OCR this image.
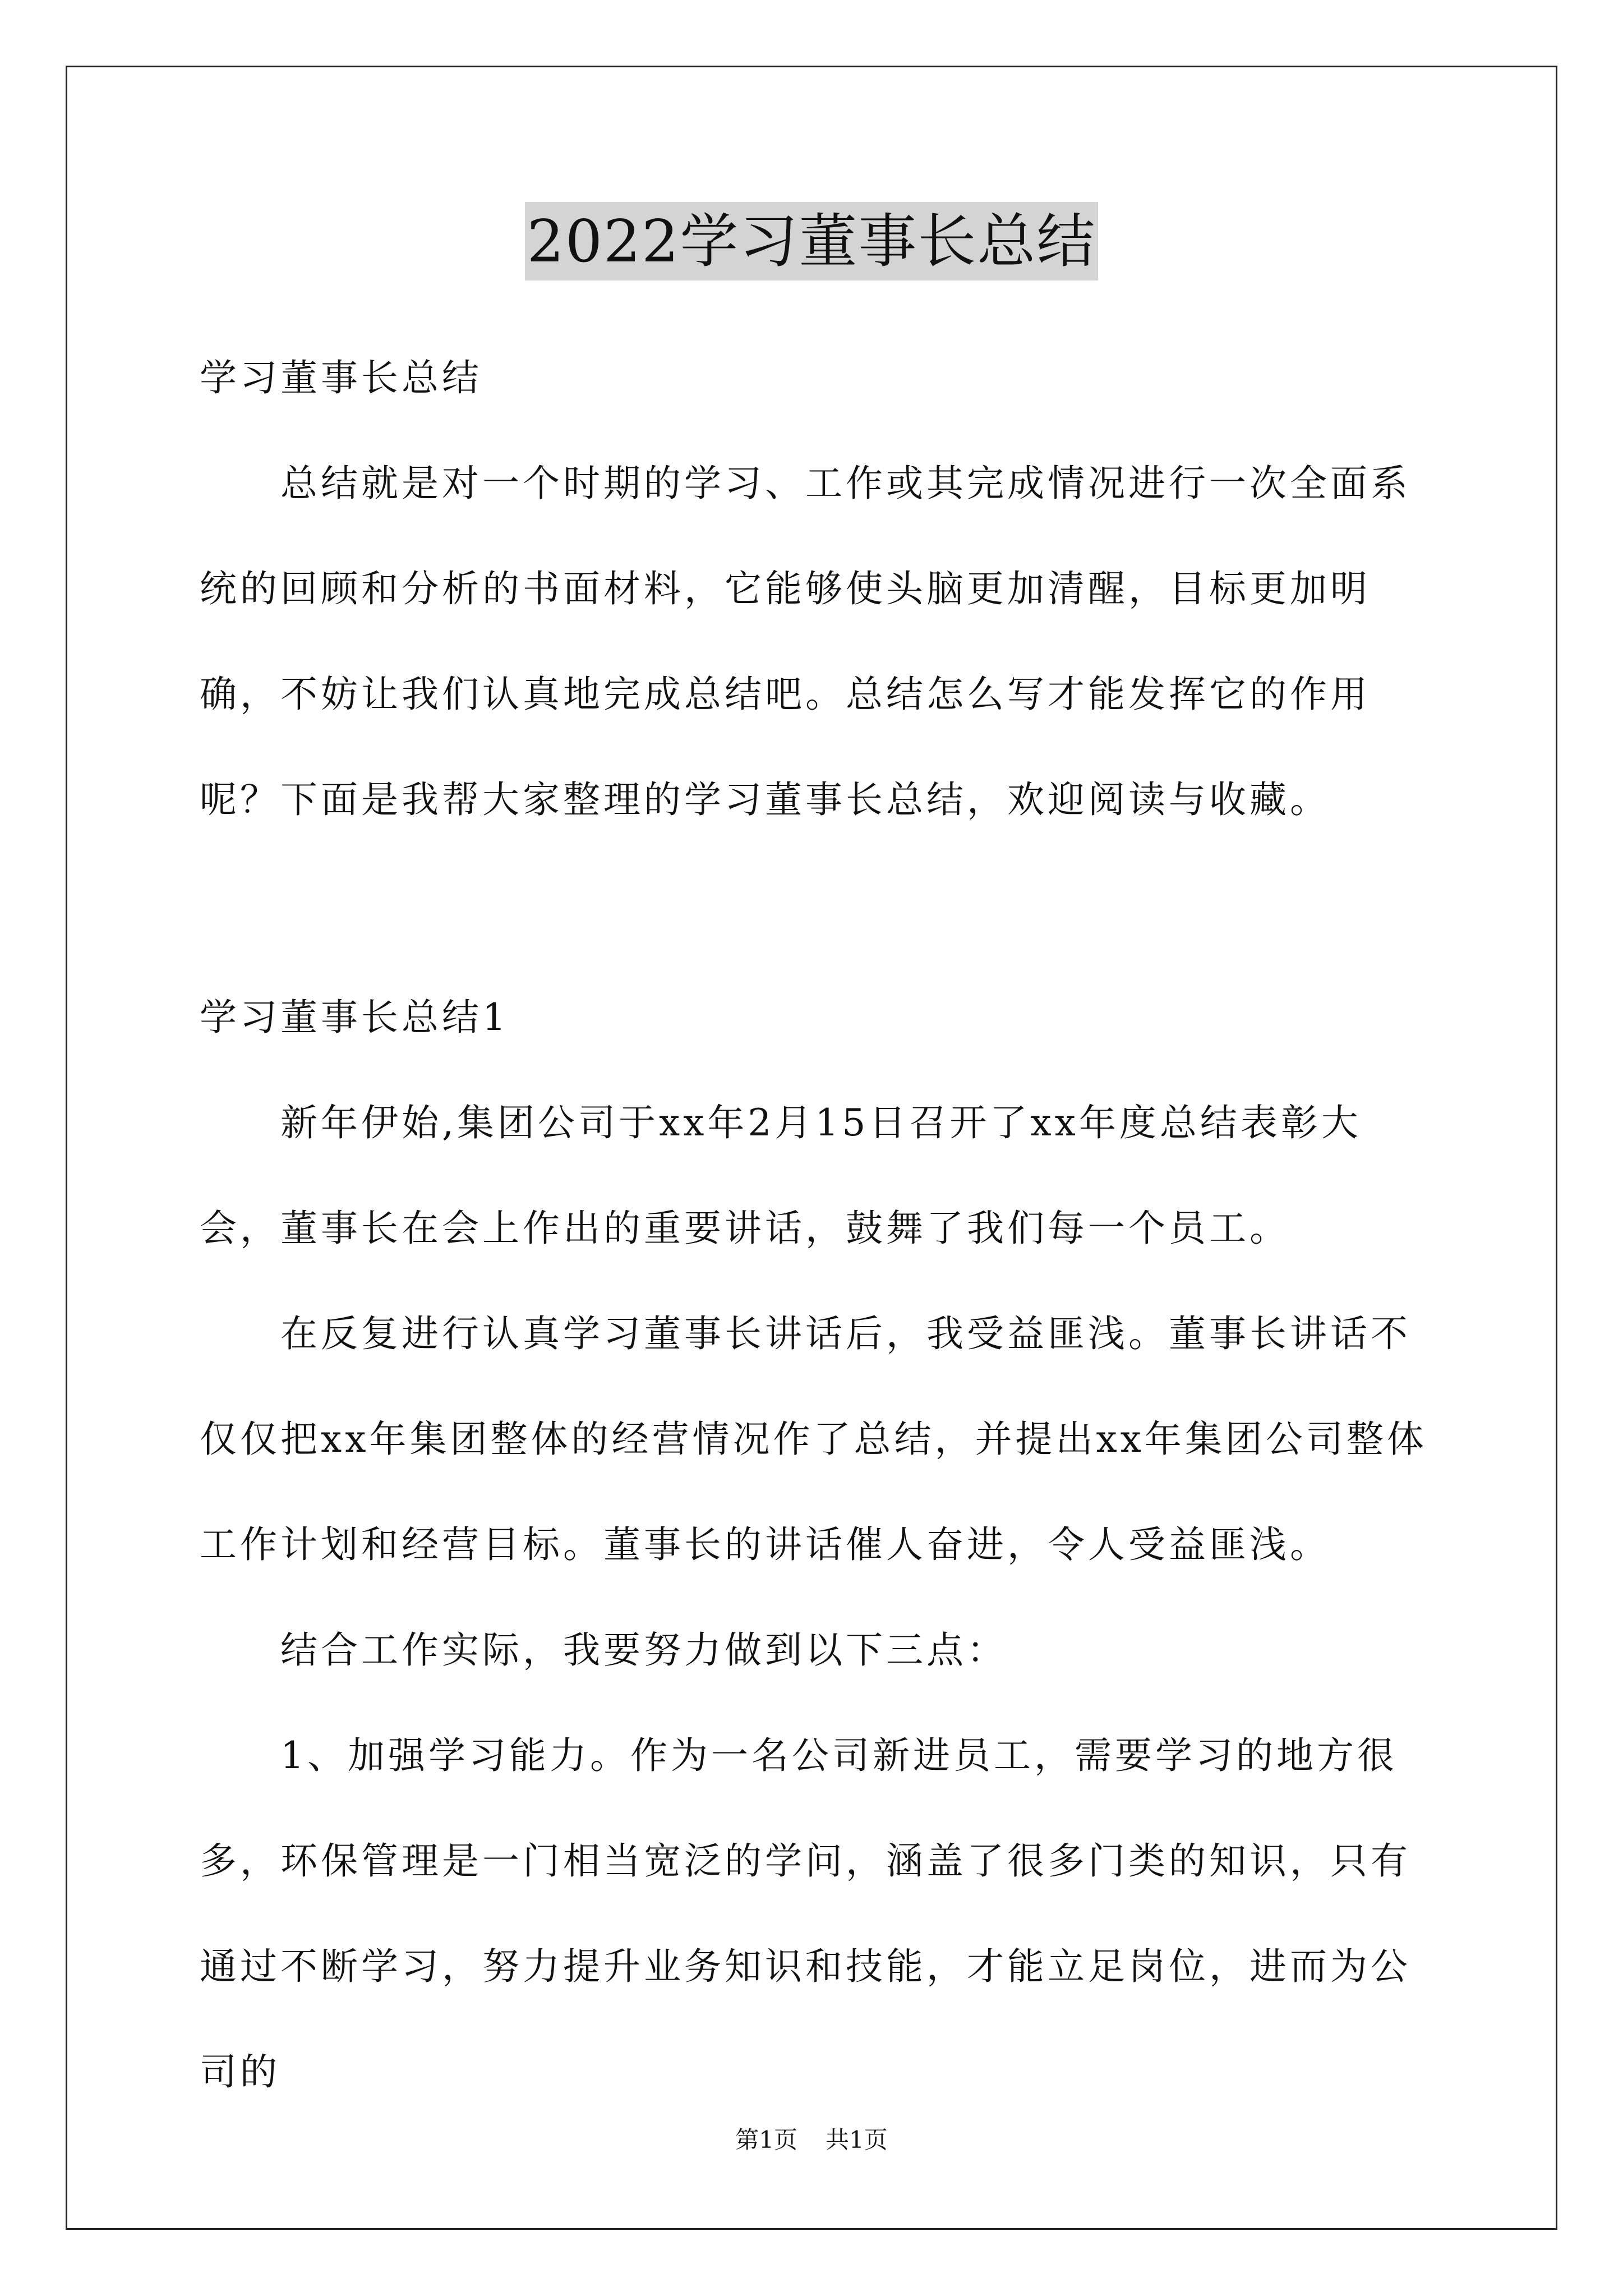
2022学习董事长总结

学习董事长总结

总结就是对一个时期的学习、工作或其完成情况进行一次全面系统的回顾和分析的书面材料，它能够使头脑更加清醒，目标更加明确，不妨让我们认真地完成总结吧。总结怎么写才能发挥它的作用呢？下面是我帮大家整理的学习董事长总结，欢迎阅读与收藏。

学习董事长总结1

新年伊始,集团公司于xx年2月15日召开了xx年度总结表彰大会，董事长在会上作出的重要讲话，鼓舞了我们每一个员工。

在反复进行认真学习董事长讲话后，我受益匪浅。董事长讲话不仅仅把xx年集团整体的经营情况作了总结，并提出xx年集团公司整体工作计划和经营目标。董事长的讲话催人奋进，令人受益匪浅。

结合工作实际，我要努力做到以下三点：

1、加强学习能力。作为一名公司新进员工，需要学习的地方很多，环保管理是一门相当宽泛的学问，涵盖了很多门类的知识，只有通过不断学习，努力提升业务知识和技能，才能立足岗位，进而为公司的

第1页 共1页
